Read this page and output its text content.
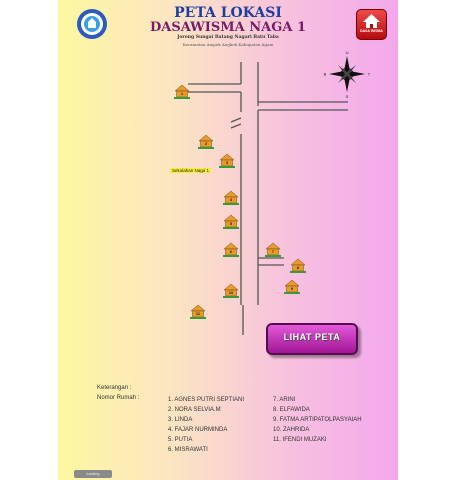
PETA LOKASI
DASAWISMA NAGA 1
Jorong Sungai Batang Nagari Batu Taba
Kecamatan Ampek Angkek Kabupaten Agam
DASA WISMA
U
S
T
B
1
2
3
4
5
6	7
8
9
10
11
Sekolahan Naga 1
LIHAT PETA
Keterangan :
Nomor Rumah :	1. AGNES PUTRI SEPTIANI
2. NORA SELVIA.M
3. LINDA
4. FAJAR NURMINDA
5. PUTIA
6. MISRAWATI
7. ARINI
8. ELFAWIDA
9. FATMA ARTIPATOLPASYAIAH
10. ZAHRIDA
11. IFENDI MUZAKI
loading
